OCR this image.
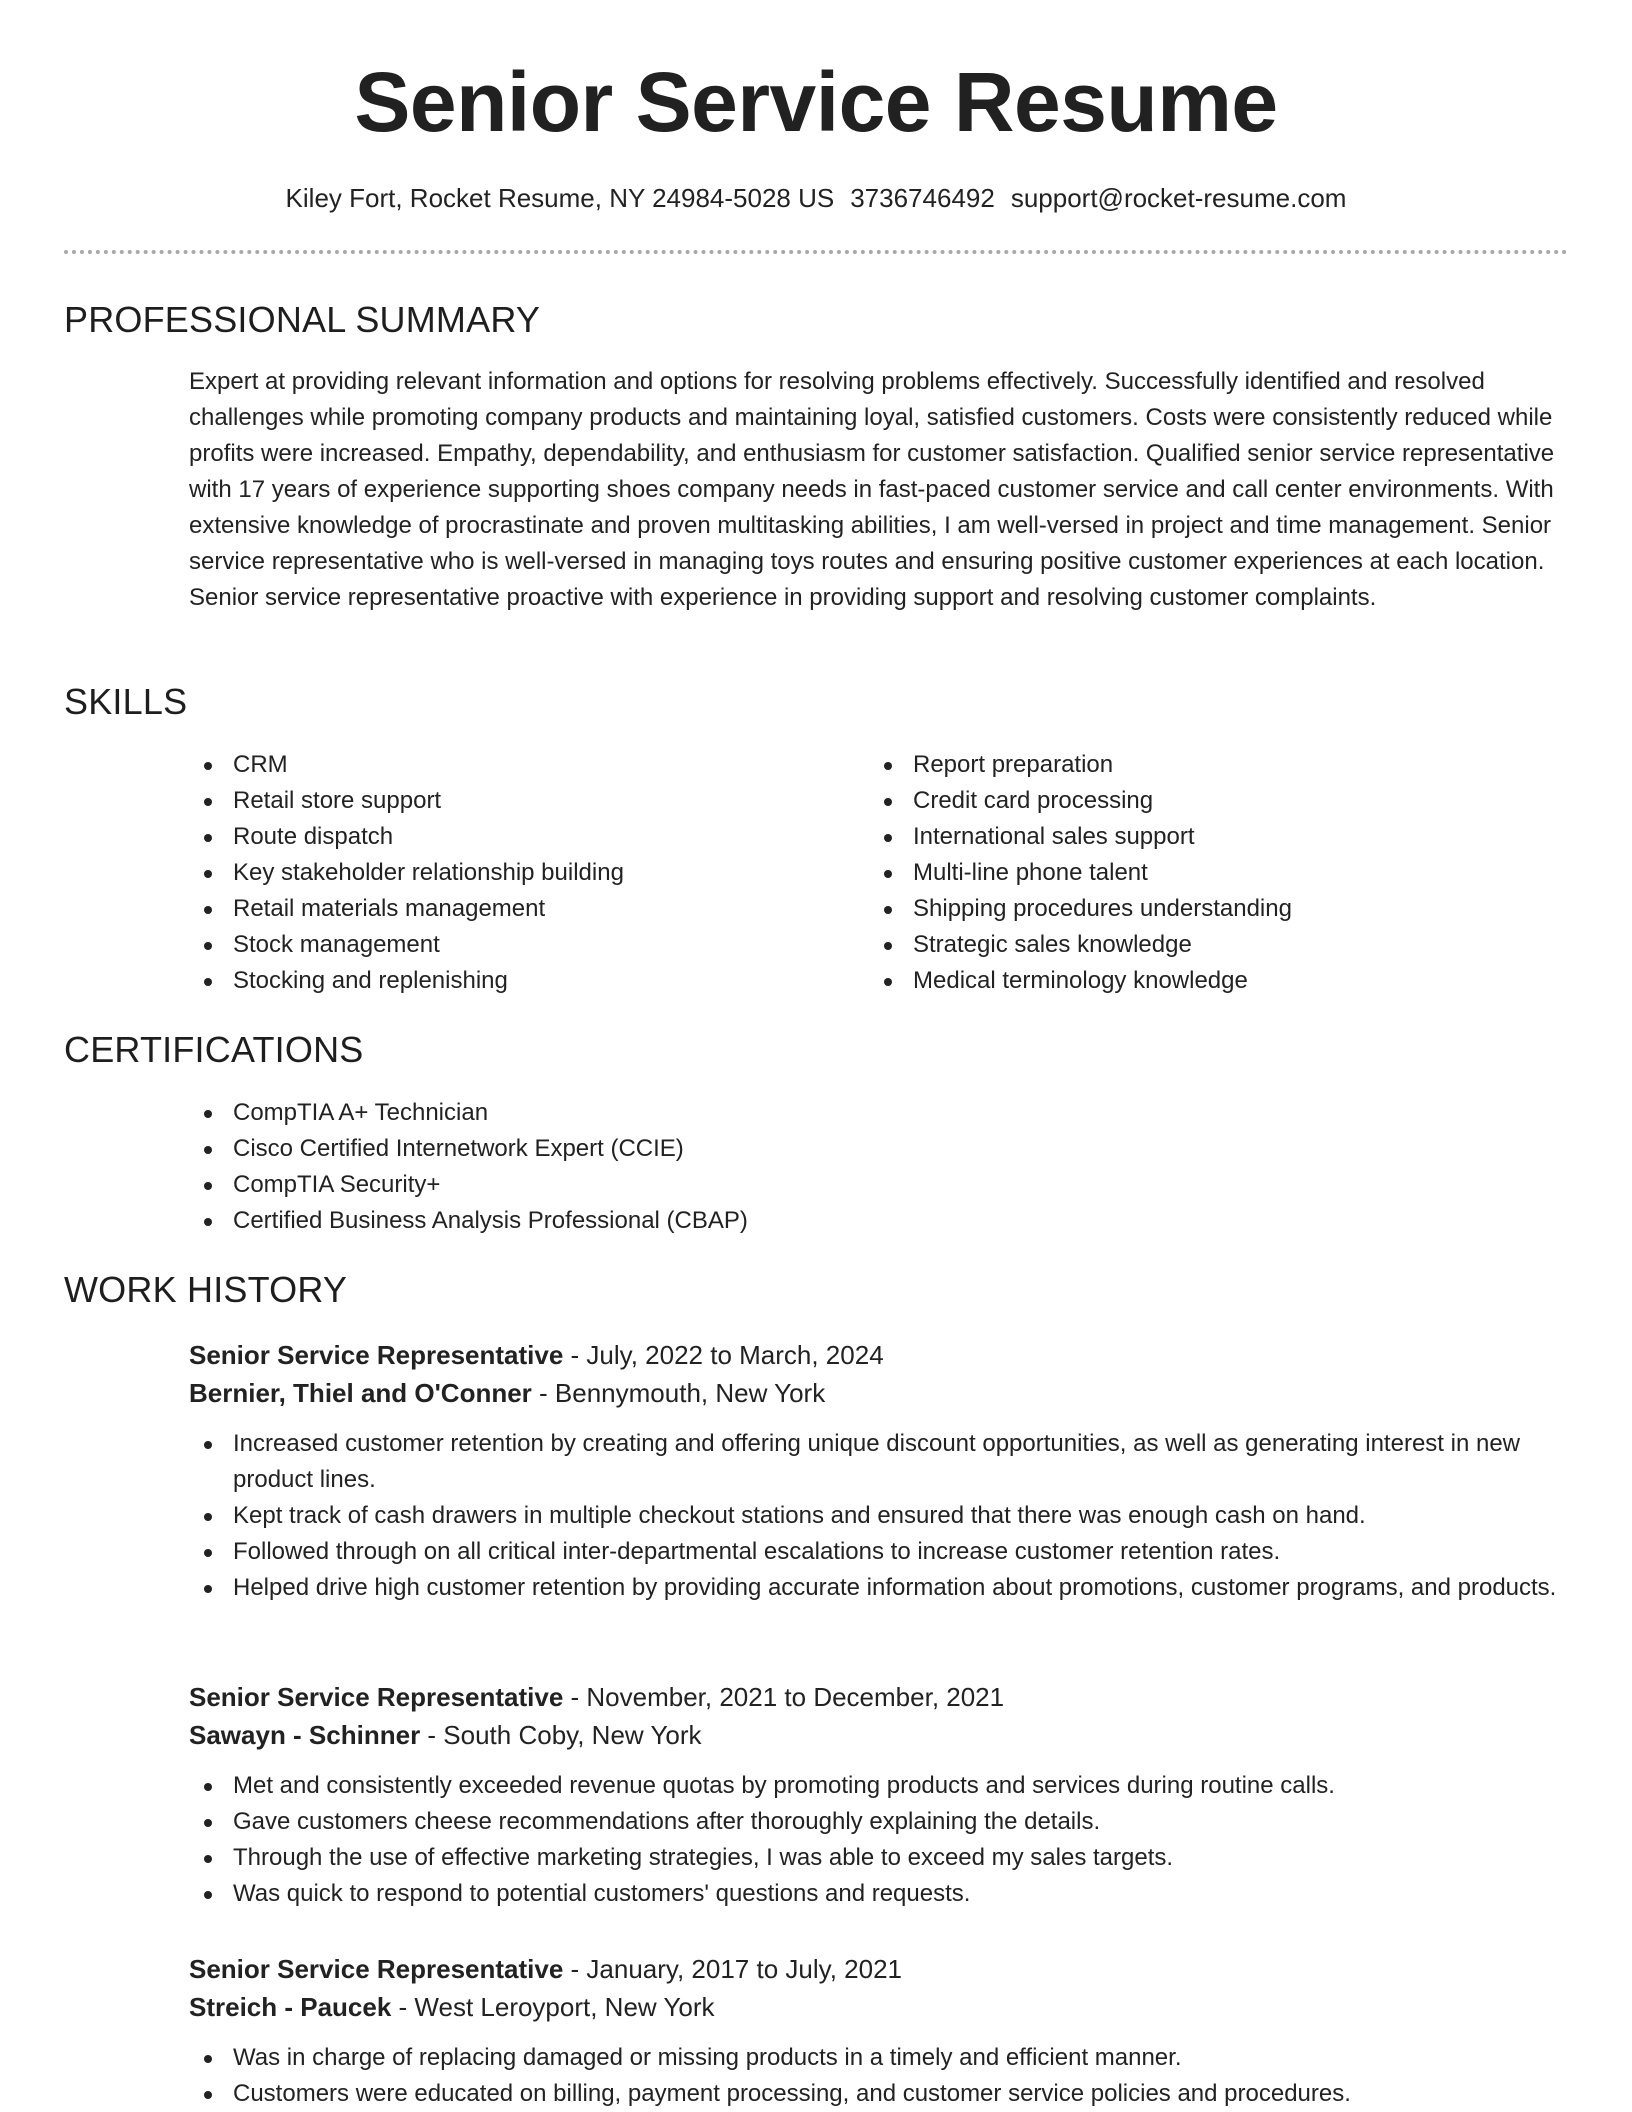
Senior Service Resume
Kiley Fort, Rocket Resume, NY 24984-5028 US 3736746492 support@rocket-resume.com
PROFESSIONAL SUMMARY

Expert at providing relevant information and options for resolving problems effectively. Successfully identified and resolved challenges while promoting company products and maintaining loyal, satisfied customers. Costs were consistently reduced while profits were increased. Empathy, dependability, and enthusiasm for customer satisfaction. Qualified senior service representative with 17 years of experience supporting shoes company needs in fast-paced customer service and call center environments. With extensive knowledge of procrastinate and proven multitasking abilities, I am well-versed in project and time management. Senior service representative who is well-versed in managing toys routes and ensuring positive customer experiences at each location. Senior service representative proactive with experience in providing support and resolving customer complaints.

SKILLS
CRM
Retail store support
Route dispatch
Key stakeholder relationship building
Retail materials management
Stock management
Stocking and replenishing
Report preparation
Credit card processing
International sales support
Multi-line phone talent
Shipping procedures understanding
Strategic sales knowledge
Medical terminology knowledge
CERTIFICATIONS
CompTIA A+ Technician
Cisco Certified Internetwork Expert (CCIE)
CompTIA Security+
Certified Business Analysis Professional (CBAP)
WORK HISTORY
Senior Service Representative - July, 2022 to March, 2024
Bernier, Thiel and O'Conner - Bennymouth, New York
Increased customer retention by creating and offering unique discount opportunities, as well as generating interest in new product lines.
Kept track of cash drawers in multiple checkout stations and ensured that there was enough cash on hand.
Followed through on all critical inter-departmental escalations to increase customer retention rates.
Helped drive high customer retention by providing accurate information about promotions, customer programs, and products.
Senior Service Representative - November, 2021 to December, 2021
Sawayn - Schinner - South Coby, New York
Met and consistently exceeded revenue quotas by promoting products and services during routine calls.
Gave customers cheese recommendations after thoroughly explaining the details.
Through the use of effective marketing strategies, I was able to exceed my sales targets.
Was quick to respond to potential customers' questions and requests.
Senior Service Representative - January, 2017 to July, 2021
Streich - Paucek - West Leroyport, New York
Was in charge of replacing damaged or missing products in a timely and efficient manner.
Customers were educated on billing, payment processing, and customer service policies and procedures.
